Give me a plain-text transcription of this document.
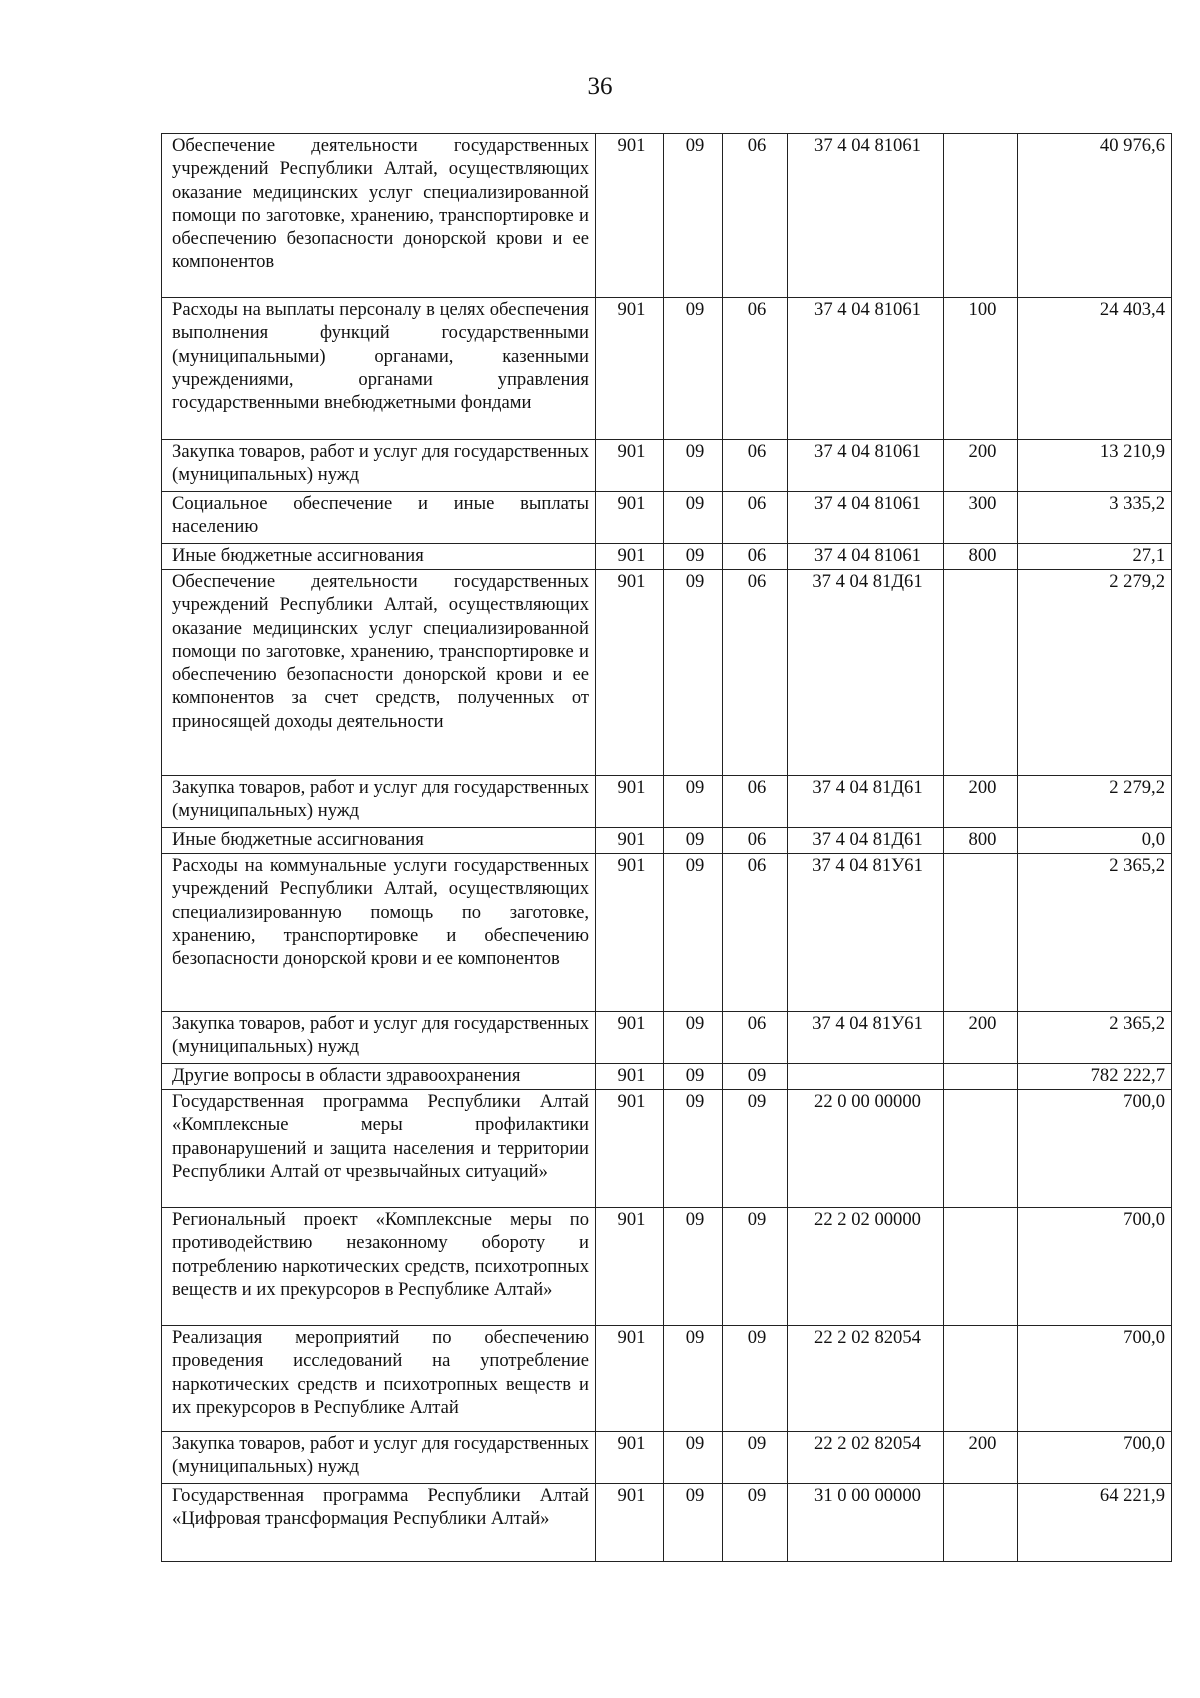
36
Обеспечение деятельности государственных учреждений Республики Алтай, осуществляющих оказание медицинских услуг специализированной помощи по заготовке, хранению, транспортировке и обеспечению безопасности донорской крови и ее компонентов	901	09	06	37 4 04 81061		40 976,6
Расходы на выплаты персоналу в целях обеспечения выполнения функций государственными (муниципальными) органами, казенными учреждениями, органами управления государственными внебюджетными фондами	901	09	06	37 4 04 81061	100	24 403,4
Закупка товаров, работ и услуг для государственных (муниципальных) нужд	901	09	06	37 4 04 81061	200	13 210,9
Социальное обеспечение и иные выплаты населению	901	09	06	37 4 04 81061	300	3 335,2
Иные бюджетные ассигнования	901	09	06	37 4 04 81061	800	27,1
Обеспечение деятельности государственных учреждений Республики Алтай, осуществляющих оказание медицинских услуг специализированной помощи по заготовке, хранению, транспортировке и обеспечению безопасности донорской крови и ее компонентов за счет средств, полученных от приносящей доходы деятельности	901	09	06	37 4 04 81Д61		2 279,2
Закупка товаров, работ и услуг для государственных (муниципальных) нужд	901	09	06	37 4 04 81Д61	200	2 279,2
Иные бюджетные ассигнования	901	09	06	37 4 04 81Д61	800	0,0
Расходы на коммунальные услуги государственных учреждений Республики Алтай, осуществляющих специализированную помощь по заготовке, хранению, транспортировке и обеспечению безопасности донорской крови и ее компонентов	901	09	06	37 4 04 81У61		2 365,2
Закупка товаров, работ и услуг для государственных (муниципальных) нужд	901	09	06	37 4 04 81У61	200	2 365,2
Другие вопросы в области здравоохранения	901	09	09			782 222,7
Государственная программа Республики Алтай «Комплексные меры профилактики правонарушений и защита населения и территории Республики Алтай от чрезвычайных ситуаций»	901	09	09	22 0 00 00000		700,0
Региональный проект «Комплексные меры по противодействию незаконному обороту и потреблению наркотических средств, психотропных веществ и их прекурсоров в Республике Алтай»	901	09	09	22 2 02 00000		700,0
Реализация мероприятий по обеспечению проведения исследований на употребление наркотических средств и психотропных веществ и их прекурсоров в Республике Алтай	901	09	09	22 2 02 82054		700,0
Закупка товаров, работ и услуг для государственных (муниципальных) нужд	901	09	09	22 2 02 82054	200	700,0
Государственная программа Республики Алтай «Цифровая трансформация Республики Алтай»	901	09	09	31 0 00 00000		64 221,9
